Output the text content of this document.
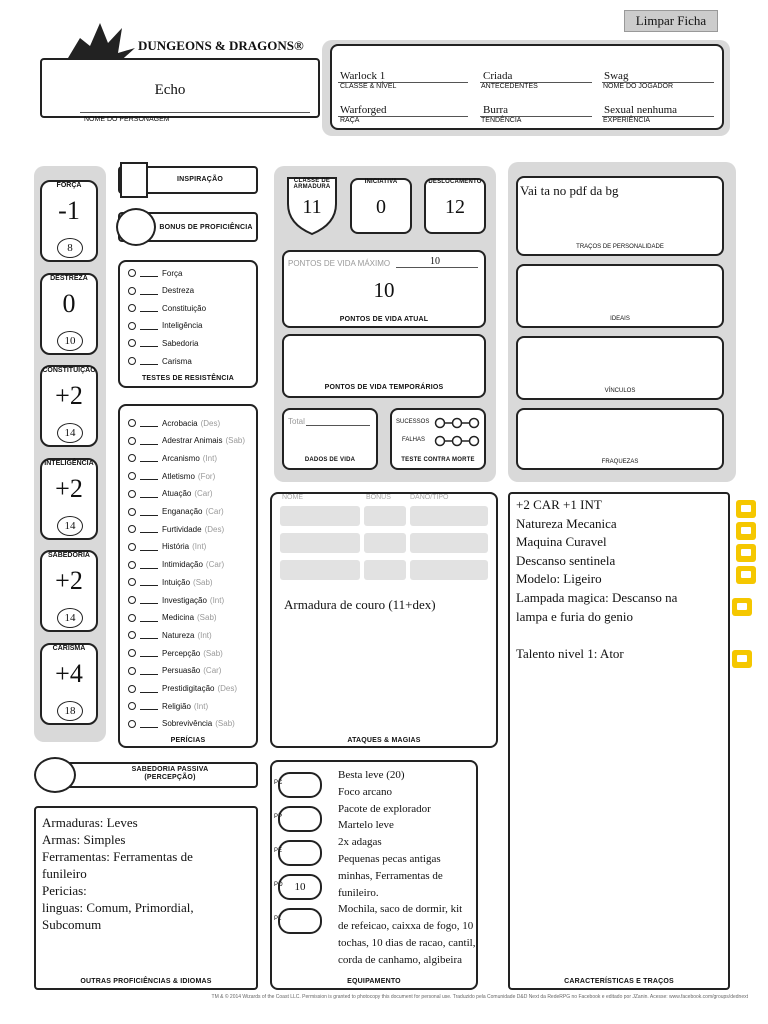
Limpar Ficha
DUNGEONS & DRAGONS®
Echo
NOME DO PERSONAGEM
Warlock 1
CLASSE & NÍVEL
Criada
ANTECEDENTES
Swag
NOME DO JOGADOR
Warforged
RAÇA
Burra
TENDÊNCIA
Sexual nenhuma
EXPERIÊNCIA
FORÇA
-1
8
DESTREZA
0
10
CONSTITUIÇÃO
+2
14
INTELIGÊNCIA
+2
14
SABEDORIA
+2
14
CARISMA
+4
18
INSPIRAÇÃO
BONUS DE PROFICIÊNCIA
Força
Destreza
Constituição
Inteligência
Sabedoria
Carisma
TESTES DE RESISTÊNCIA
Acrobacia (Des)
Adestrar Animais (Sab)
Arcanismo (Int)
Atletismo (For)
Atuação (Car)
Enganação (Car)
Furtividade (Des)
História (Int)
Intimidação (Car)
Intuição (Sab)
Investigação (Int)
Medicina (Sab)
Natureza (Int)
Percepção (Sab)
Persuasão (Car)
Prestidigitação (Des)
Religião (Int)
Sobrevivência (Sab)
PERÍCIAS
SABEDORIA PASSIVA (PERCEPÇÃO)
Armaduras: Leves
Armas: Simples
Ferramentas: Ferramentas de
funileiro
Pericias:
linguas: Comum, Primordial,
Subcomum
OUTRAS PROFICIÊNCIAS & IDIOMAS
CLASSE DE ARMADURA
11
INICIATIVA
0
DESLOCAMENTO
12
PONTOS DE VIDA MÁXIMO	10
10
PONTOS DE VIDA ATUAL
PONTOS DE VIDA TEMPORÁRIOS
Total
DADOS DE VIDA
SUCESSOS
FALHAS
TESTE CONTRA MORTE
NOME	BONUS	DANO/TIPO
Armadura de couro (11+dex)
ATAQUES & MAGIAS
PC
PP
PE
PO 10
PL
Besta leve (20)
Foco arcano
Pacote de explorador
Martelo leve
2x adagas
Pequenas pecas antigas
minhas, Ferramentas de
funileiro.
Mochila, saco de dormir, kit
de refeicao, caixxa de fogo, 10
tochas, 10 dias de racao, cantil,
corda de canhamo, algibeira
EQUIPAMENTO
Vai ta no pdf da bg
TRAÇOS DE PERSONALIDADE
IDEAIS
VÍNCULOS
FRAQUEZAS
+2 CAR +1 INT
Natureza Mecanica
Maquina Curavel
Descanso sentinela
Modelo: Ligeiro
Lampada magica: Descanso na
lampa e furia do genio

Talento nivel 1: Ator
CARACTERÍSTICAS E TRAÇOS
TM & © 2014 Wizards of the Coast LLC. Permission is granted to photocopy this document for personal use. Traduzido pela Comunidade D&D Next da RedeRPG no Facebook e editado por JZanin. Acesse: www.facebook.com/groups/dednext
